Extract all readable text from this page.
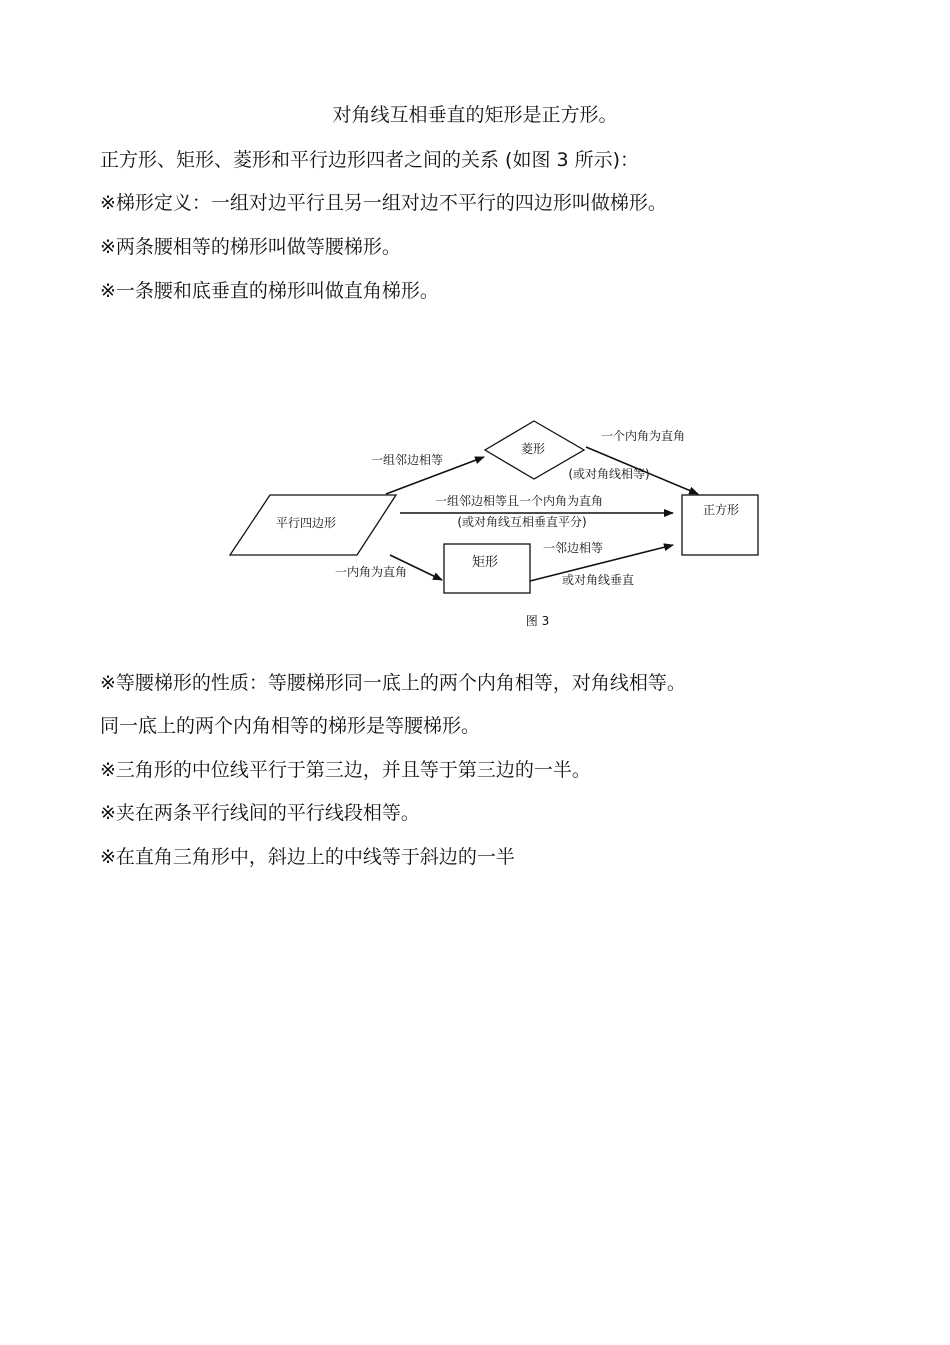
对角线互相垂直的矩形是正方形。
正方形、矩形、菱形和平行边形四者之间的关系 (如图 3 所示)：
※梯形定义：一组对边平行且另一组对边不平行的四边形叫做梯形。
※两条腰相等的梯形叫做等腰梯形。
※一条腰和底垂直的梯形叫做直角梯形。
平行四边形
菱形
矩形
正方形
一组邻边相等
一个内角为直角
(或对角线相等)
一组邻边相等且一个内角为直角
(或对角线互相垂直平分)
一内角为直角
一邻边相等
或对角线垂直
图 3
※等腰梯形的性质：等腰梯形同一底上的两个内角相等，对角线相等。
同一底上的两个内角相等的梯形是等腰梯形。
※三角形的中位线平行于第三边，并且等于第三边的一半。
※夹在两条平行线间的平行线段相等。
※在直角三角形中，斜边上的中线等于斜边的一半
